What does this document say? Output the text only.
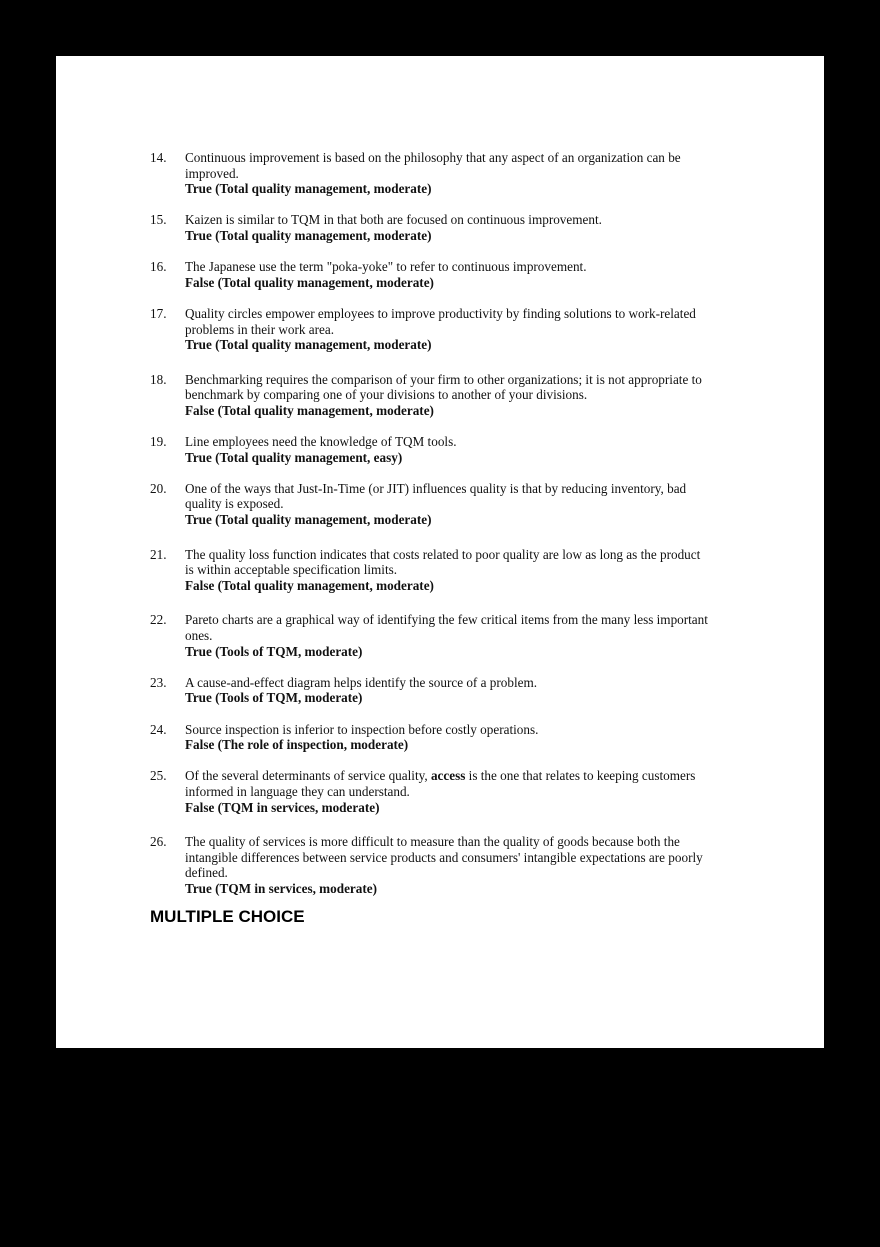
14. Continuous improvement is based on the philosophy that any aspect of an organization can be improved.
True (Total quality management, moderate)
15. Kaizen is similar to TQM in that both are focused on continuous improvement.
True (Total quality management, moderate)
16. The Japanese use the term "poka-yoke" to refer to continuous improvement.
False (Total quality management, moderate)
17. Quality circles empower employees to improve productivity by finding solutions to work-related problems in their work area.
True (Total quality management, moderate)
18. Benchmarking requires the comparison of your firm to other organizations; it is not appropriate to benchmark by comparing one of your divisions to another of your divisions.
False (Total quality management, moderate)
19. Line employees need the knowledge of TQM tools.
True (Total quality management, easy)
20. One of the ways that Just-In-Time (or JIT) influences quality is that by reducing inventory, bad quality is exposed.
True (Total quality management, moderate)
21. The quality loss function indicates that costs related to poor quality are low as long as the product is within acceptable specification limits.
False (Total quality management, moderate)
22. Pareto charts are a graphical way of identifying the few critical items from the many less important ones.
True (Tools of TQM, moderate)
23. A cause-and-effect diagram helps identify the source of a problem.
True (Tools of TQM, moderate)
24. Source inspection is inferior to inspection before costly operations.
False (The role of inspection, moderate)
25. Of the several determinants of service quality, access is the one that relates to keeping customers informed in language they can understand.
False (TQM in services, moderate)
26. The quality of services is more difficult to measure than the quality of goods because both the intangible differences between service products and consumers' intangible expectations are poorly defined.
True (TQM in services, moderate)
MULTIPLE CHOICE
